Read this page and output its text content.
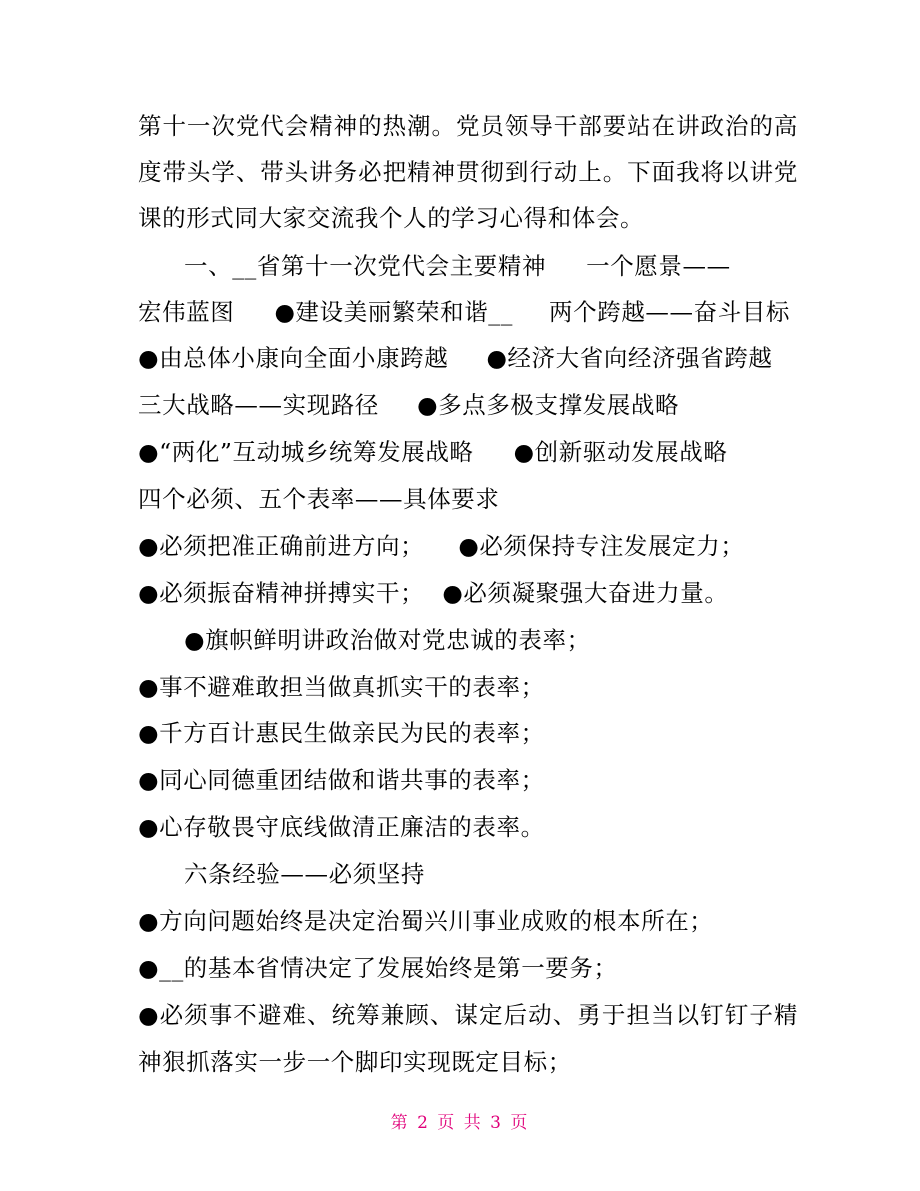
第十一次党代会精神的热潮。党员领导干部要站在讲政治的高
度带头学、带头讲务必把精神贯彻到行动上。下面我将以讲党
课的形式同大家交流我个人的学习心得和体会。
一、__省第十一次党代会主要精神 一个愿景——
宏伟蓝图 ●建设美丽繁荣和谐__ 两个跨越——奋斗目标
●由总体小康向全面小康跨越 ●经济大省向经济强省跨越
三大战略——实现路径 ●多点多极支撑发展战略
●“两化”互动城乡统筹发展战略 ●创新驱动发展战略
四个必须、五个表率——具体要求
●必须把准正确前进方向； ●必须保持专注发展定力；
●必须振奋精神拼搏实干； ●必须凝聚强大奋进力量。
●旗帜鲜明讲政治做对党忠诚的表率；
●事不避难敢担当做真抓实干的表率；
●千方百计惠民生做亲民为民的表率；
●同心同德重团结做和谐共事的表率；
●心存敬畏守底线做清正廉洁的表率。
六条经验——必须坚持
●方向问题始终是决定治蜀兴川事业成败的根本所在；
●__的基本省情决定了发展始终是第一要务；
●必须事不避难、统筹兼顾、谋定后动、勇于担当以钉钉子精
神狠抓落实一步一个脚印实现既定目标；
第 2 页 共 3 页
